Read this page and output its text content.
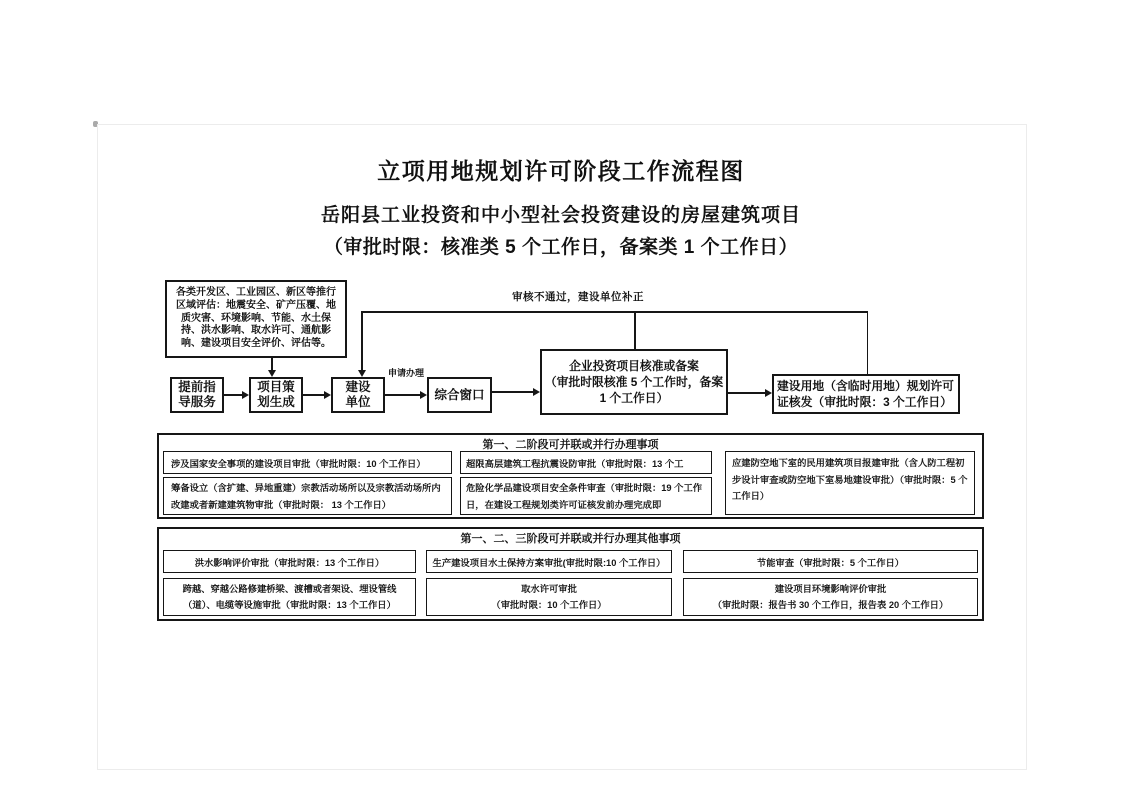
立项用地规划许可阶段工作流程图
岳阳县工业投资和中小型社会投资建设的房屋建筑项目
（审批时限：核准类 5 个工作日，备案类 1 个工作日）
各类开发区、工业园区、新区等推行区域评估：地震安全、矿产压覆、地质灾害、环境影响、节能、水土保持、洪水影响、取水许可、通航影响、建设项目安全评价、评估等。
提前指
导服务
项目策
划生成
建设
单位
综合窗口
企业投资项目核准或备案
（审批时限核准 5 个工作时，备案
1 个工作日）
建设用地（含临时用地）规划许可
证核发（审批时限：3 个工作日）
申请办理
审核不通过，建设单位补正
第一、二阶段可并联或并行办理事项
涉及国家安全事项的建设项目审批（审批时限：10 个工作日）
筹备设立（含扩建、异地重建）宗教活动场所以及宗教活动场所内改建或者新建建筑物审批（审批时限： 13 个工作日）
超限高层建筑工程抗震设防审批（审批时限：13 个工
危险化学品建设项目安全条件审查（审批时限：19 个工作日，在建设工程规划类许可证核发前办理完成即
应建防空地下室的民用建筑项目报建审批（含人防工程初步设计审查或防空地下室易地建设审批）（审批时限：5 个工作日）
第一、二、三阶段可并联或并行办理其他事项
洪水影响评价审批（审批时限：13 个工作日）	生产建设项目水土保持方案审批(审批时限:10 个工作日）	节能审查（审批时限：5 个工作日）
跨越、穿越公路修建桥梁、渡槽或者架设、埋设管线
（道）、电缆等设施审批（审批时限：13 个工作日）
取水许可审批
（审批时限：10 个工作日）
建设项目环境影响评价审批
（审批时限：报告书 30 个工作日，报告表 20 个工作日）
